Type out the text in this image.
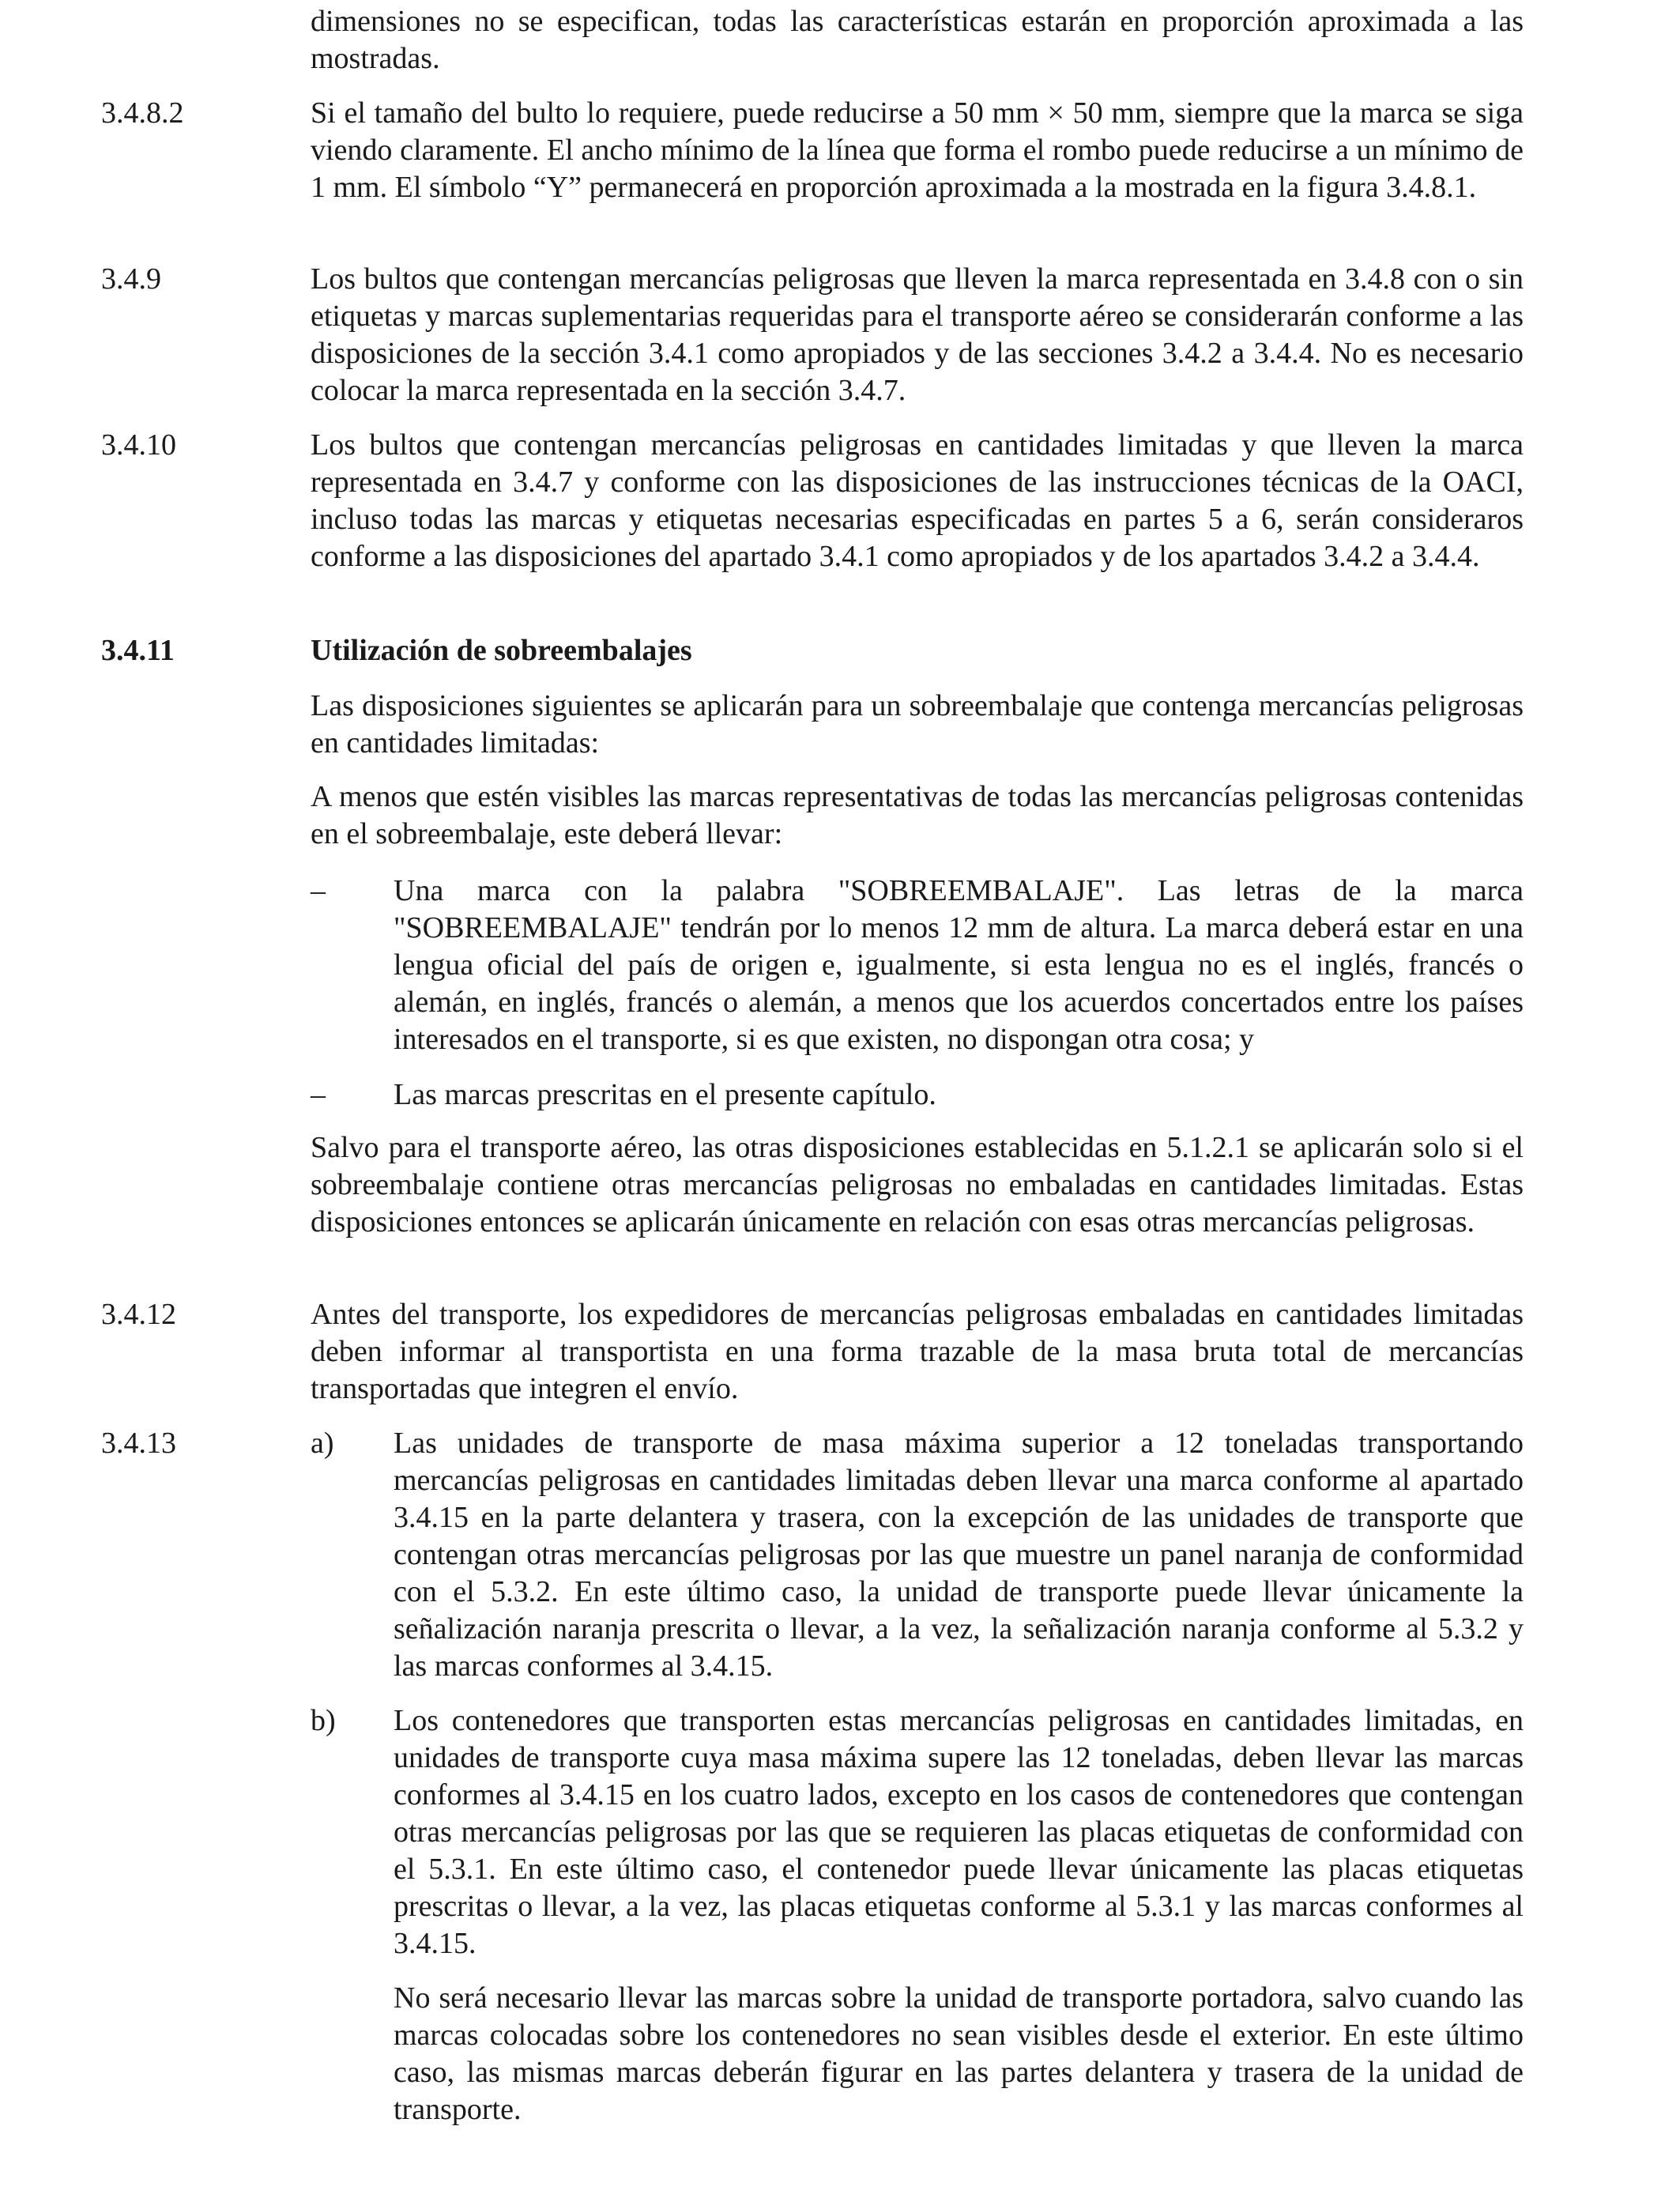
dimensiones no se especifican, todas las características estarán en proporción aproximada a las mostradas.
3.4.8.2	Si el tamaño del bulto lo requiere, puede reducirse a 50 mm × 50 mm, siempre que la marca se siga viendo claramente. El ancho mínimo de la línea que forma el rombo puede reducirse a un mínimo de 1 mm. El símbolo “Y” permanecerá en proporción aproximada a la mostrada en la figura 3.4.8.1.
3.4.9	Los bultos que contengan mercancías peligrosas que lleven la marca representada en 3.4.8 con o sin etiquetas y marcas suplementarias requeridas para el transporte aéreo se considerarán conforme a las disposiciones de la sección 3.4.1 como apropiados y de las secciones 3.4.2 a 3.4.4. No es necesario colocar la marca representada en la sección 3.4.7.
3.4.10	Los bultos que contengan mercancías peligrosas en cantidades limitadas y que lleven la marca representada en 3.4.7 y conforme con las disposiciones de las instrucciones técnicas de la OACI, incluso todas las marcas y etiquetas necesarias especificadas en partes 5 a 6, serán consideraros conforme a las disposiciones del apartado 3.4.1 como apropiados y de los apartados 3.4.2 a 3.4.4.
3.4.11	Utilización de sobreembalajes
Las disposiciones siguientes se aplicarán para un sobreembalaje que contenga mercancías peligrosas en cantidades limitadas:
A menos que estén visibles las marcas representativas de todas las mercancías peligrosas contenidas en el sobreembalaje, este deberá llevar:
– Una marca con la palabra "SOBREEMBALAJE". Las letras de la marca "SOBREEMBALAJE" tendrán por lo menos 12 mm de altura. La marca deberá estar en una lengua oficial del país de origen e, igualmente, si esta lengua no es el inglés, francés o alemán, en inglés, francés o alemán, a menos que los acuerdos concertados entre los países interesados en el transporte, si es que existen, no dispongan otra cosa; y
– Las marcas prescritas en el presente capítulo.
Salvo para el transporte aéreo, las otras disposiciones establecidas en 5.1.2.1 se aplicarán solo si el sobreembalaje contiene otras mercancías peligrosas no embaladas en cantidades limitadas. Estas disposiciones entonces se aplicarán únicamente en relación con esas otras mercancías peligrosas.
3.4.12	Antes del transporte, los expedidores de mercancías peligrosas embaladas en cantidades limitadas deben informar al transportista en una forma trazable de la masa bruta total de mercancías transportadas que integren el envío.
3.4.13	a) Las unidades de transporte de masa máxima superior a 12 toneladas transportando mercancías peligrosas en cantidades limitadas deben llevar una marca conforme al apartado 3.4.15 en la parte delantera y trasera, con la excepción de las unidades de transporte que contengan otras mercancías peligrosas por las que muestre un panel naranja de conformidad con el 5.3.2. En este último caso, la unidad de transporte puede llevar únicamente la señalización naranja prescrita o llevar, a la vez, la señalización naranja conforme al 5.3.2 y las marcas conformes al 3.4.15.
b) Los contenedores que transporten estas mercancías peligrosas en cantidades limitadas, en unidades de transporte cuya masa máxima supere las 12 toneladas, deben llevar las marcas conformes al 3.4.15 en los cuatro lados, excepto en los casos de contenedores que contengan otras mercancías peligrosas por las que se requieren las placas etiquetas de conformidad con el 5.3.1. En este último caso, el contenedor puede llevar únicamente las placas etiquetas prescritas o llevar, a la vez, las placas etiquetas conforme al 5.3.1 y las marcas conformes al 3.4.15.
No será necesario llevar las marcas sobre la unidad de transporte portadora, salvo cuando las marcas colocadas sobre los contenedores no sean visibles desde el exterior. En este último caso, las mismas marcas deberán figurar en las partes delantera y trasera de la unidad de transporte.
